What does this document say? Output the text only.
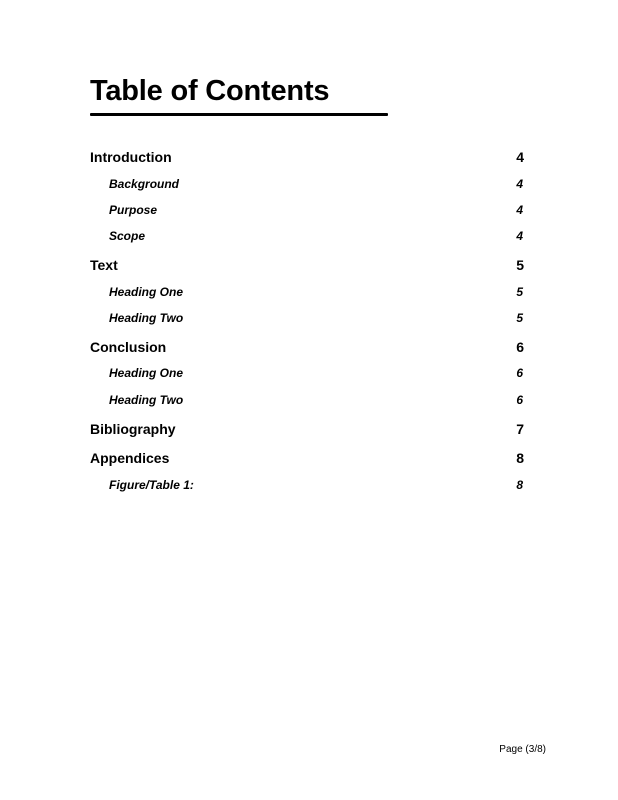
Table of Contents
Introduction	4
Background	4
Purpose	4
Scope	4
Text	5
Heading One	5
Heading Two	5
Conclusion	6
Heading One	6
Heading Two	6
Bibliography	7
Appendices	8
Figure/Table 1:	8
Page (3/8)
